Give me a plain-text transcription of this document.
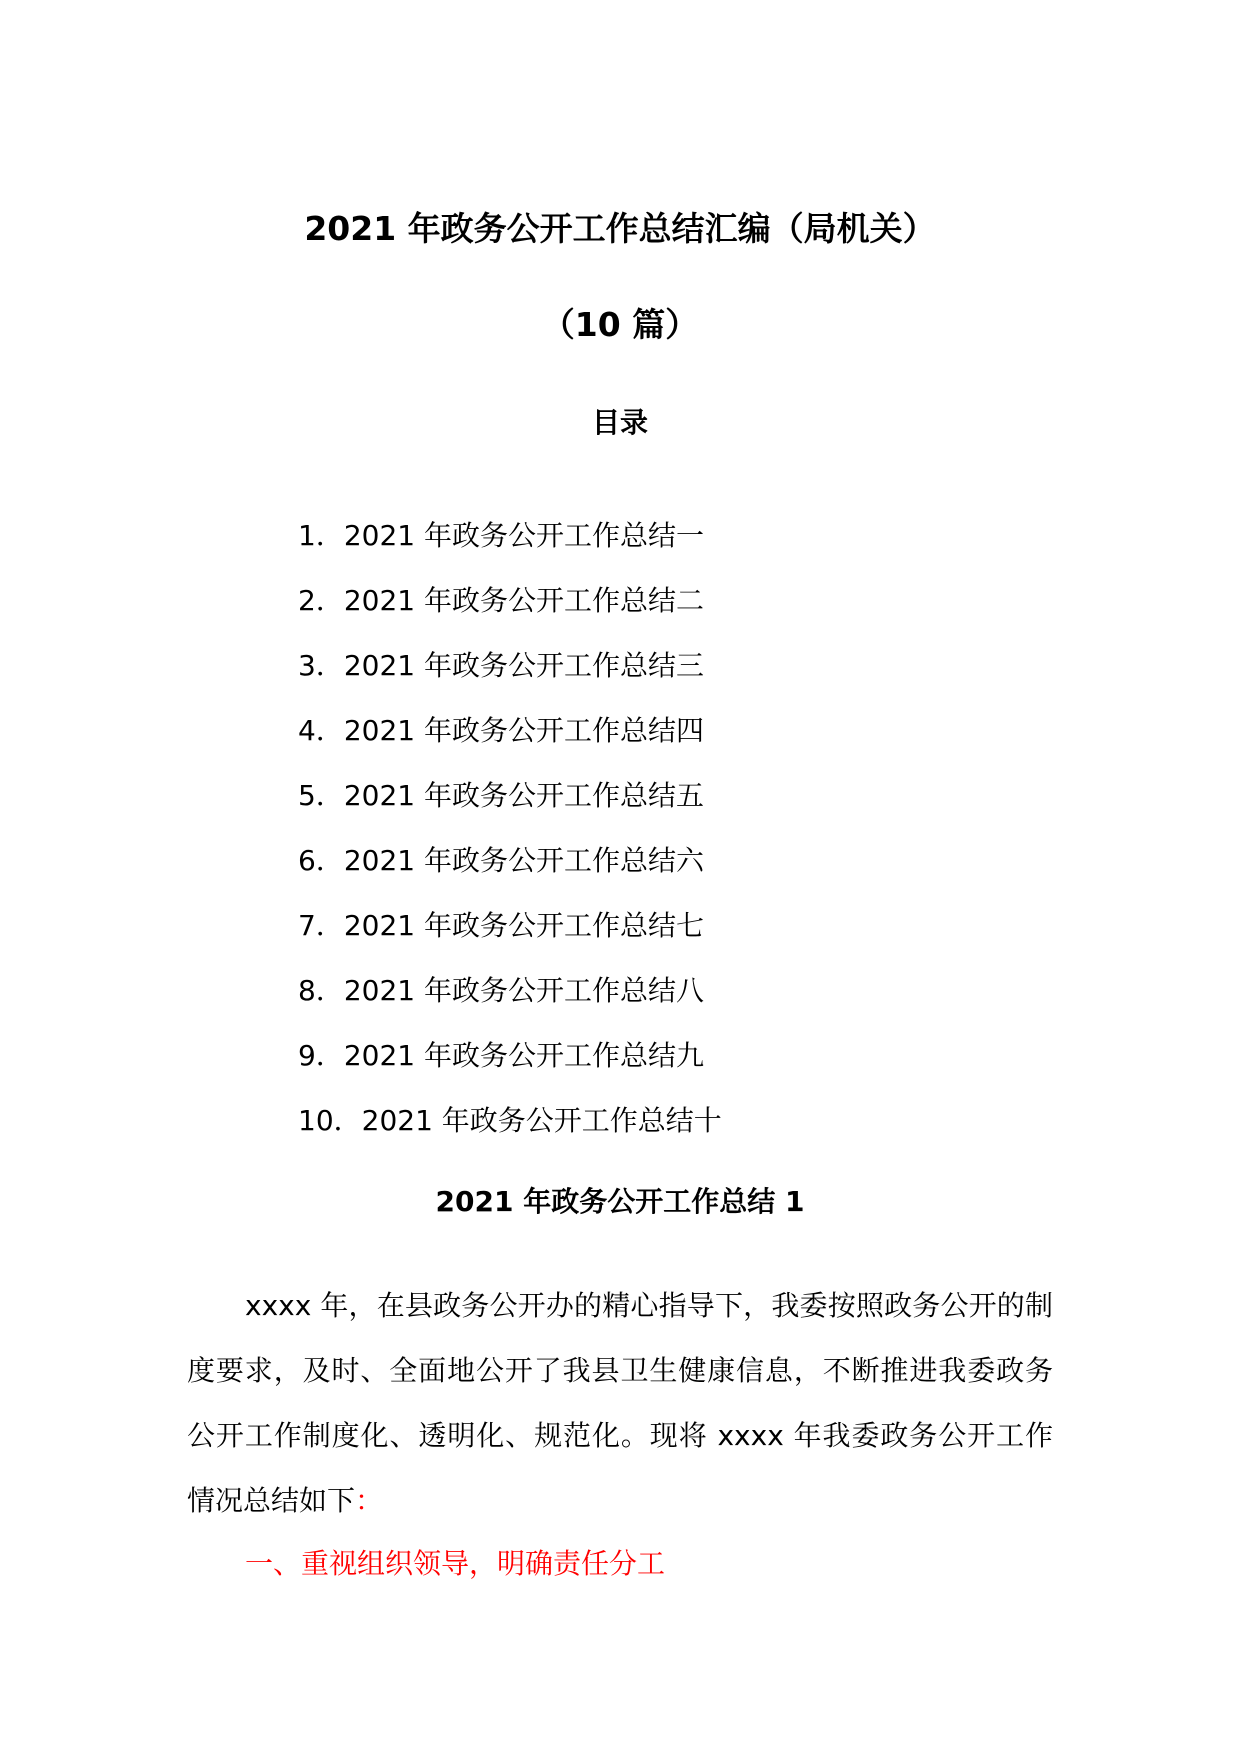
2021 年政务公开工作总结汇编（局机关）
（10 篇）
目录
1．2021 年政务公开工作总结一
2．2021 年政务公开工作总结二
3．2021 年政务公开工作总结三
4．2021 年政务公开工作总结四
5．2021 年政务公开工作总结五
6．2021 年政务公开工作总结六
7．2021 年政务公开工作总结七
8．2021 年政务公开工作总结八
9．2021 年政务公开工作总结九
10．2021 年政务公开工作总结十
2021 年政务公开工作总结 1

xxxx 年，在县政务公开办的精心指导下，我委按照政务公开的制度要求，及时、全面地公开了我县卫生健康信息，不断推进我委政务公开工作制度化、透明化、规范化。现将 xxxx 年我委政务公开工作情况总结如下：

一、重视组织领导，明确责任分工
